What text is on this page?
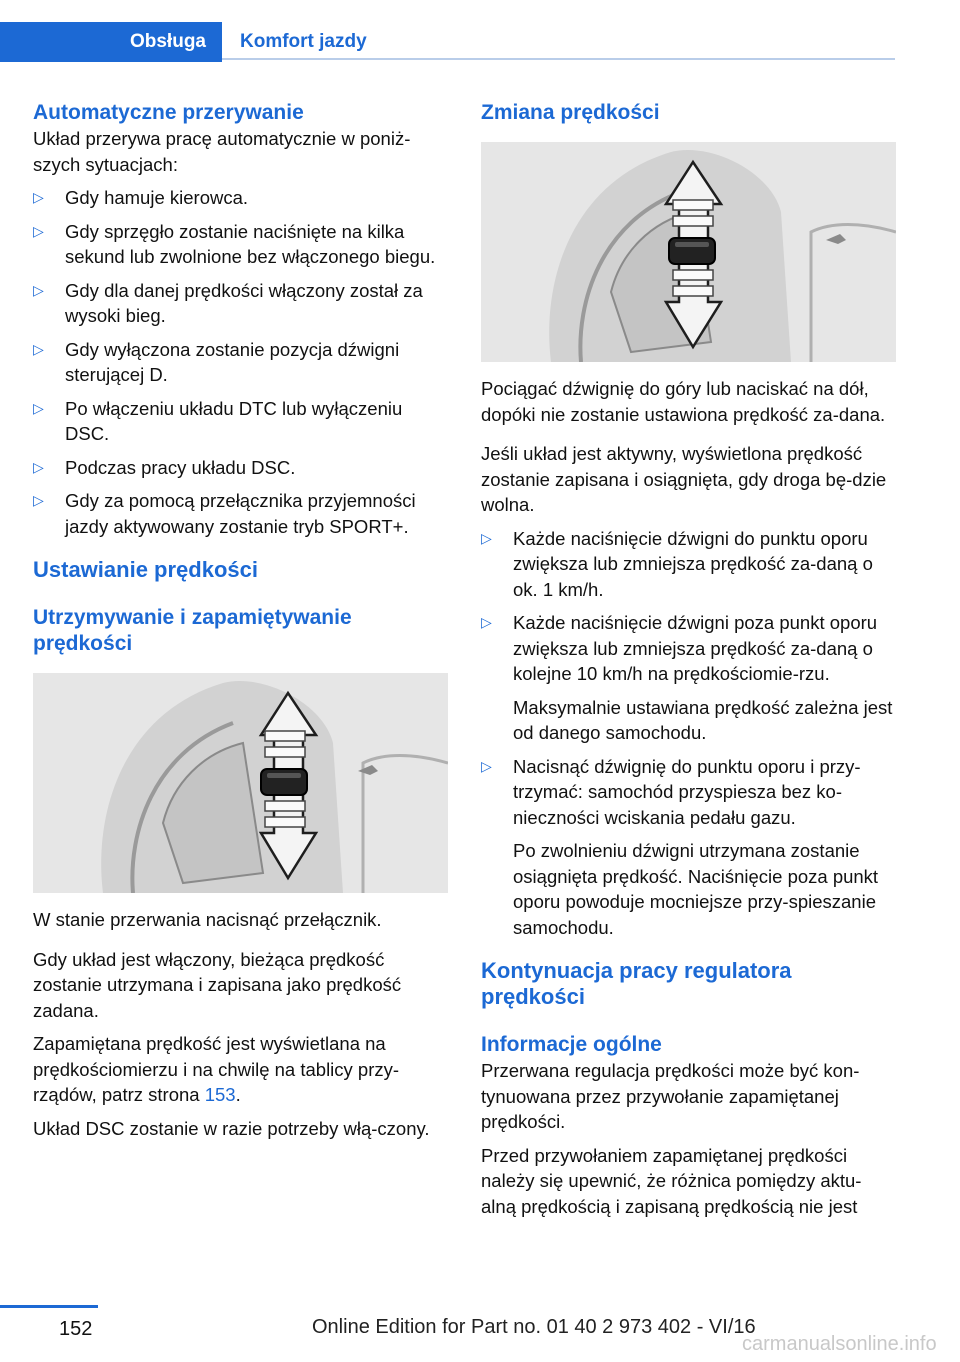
Obsługa Komfort jazdy
Automatyczne przerywanie

Układ przerywa pracę automatycznie w poniż-szych sytuacjach:

▷ Gdy hamuje kierowca.
▷ Gdy sprzęgło zostanie naciśnięte na kilka sekund lub zwolnione bez włączonego biegu.
▷ Gdy dla danej prędkości włączony został za wysoki bieg.
▷ Gdy wyłączona zostanie pozycja dźwigni sterującej D.
▷ Po włączeniu układu DTC lub wyłączeniu DSC.
▷ Podczas pracy układu DSC.
▷ Gdy za pomocą przełącznika przyjemności jazdy aktywowany zostanie tryb SPORT+.
Ustawianie prędkości
Utrzymywanie i zapamiętywanie prędkości

W stanie przerwania nacisnąć przełącznik.

Gdy układ jest włączony, bieżąca prędkość zostanie utrzymana i zapisana jako prędkość zadana.

Zapamiętana prędkość jest wyświetlana na prędkościomierzu i na chwilę na tablicy przy-rządów, patrz strona 153.

Układ DSC zostanie w razie potrzeby włą-czony.

Zmiana prędkości

Pociągać dźwignię do góry lub naciskać na dół, dopóki nie zostanie ustawiona prędkość za-dana.

Jeśli układ jest aktywny, wyświetlona prędkość zostanie zapisana i osiągnięta, gdy droga bę-dzie wolna.

▷ Każde naciśnięcie dźwigni do punktu oporu zwiększa lub zmniejsza prędkość za-daną o ok. 1 km/h.
▷ Każde naciśnięcie dźwigni poza punkt oporu zwiększa lub zmniejsza prędkość za-daną o kolejne 10 km/h na prędkościomie-rzu.
Maksymalnie ustawiana prędkość zależna jest od danego samochodu.
▷ Nacisnąć dźwignię do punktu oporu i przy-trzymać: samochód przyspiesza bez ko-nieczności wciskania pedału gazu.
Po zwolnieniu dźwigni utrzymana zostanie osiągnięta prędkość. Naciśnięcie poza punkt oporu powoduje mocniejsze przy-spieszanie samochodu.
Kontynuacja pracy regulatora prędkości
Informacje ogólne

Przerwana regulacja prędkości może być kon-tynuowana przez przywołanie zapamiętanej prędkości.

Przed przywołaniem zapamiętanej prędkości należy się upewnić, że różnica pomiędzy aktu-alną prędkością i zapisaną prędkością nie jest

152	Online Edition for Part no. 01 40 2 973 402 - VI/16
carmanualsonline.info
